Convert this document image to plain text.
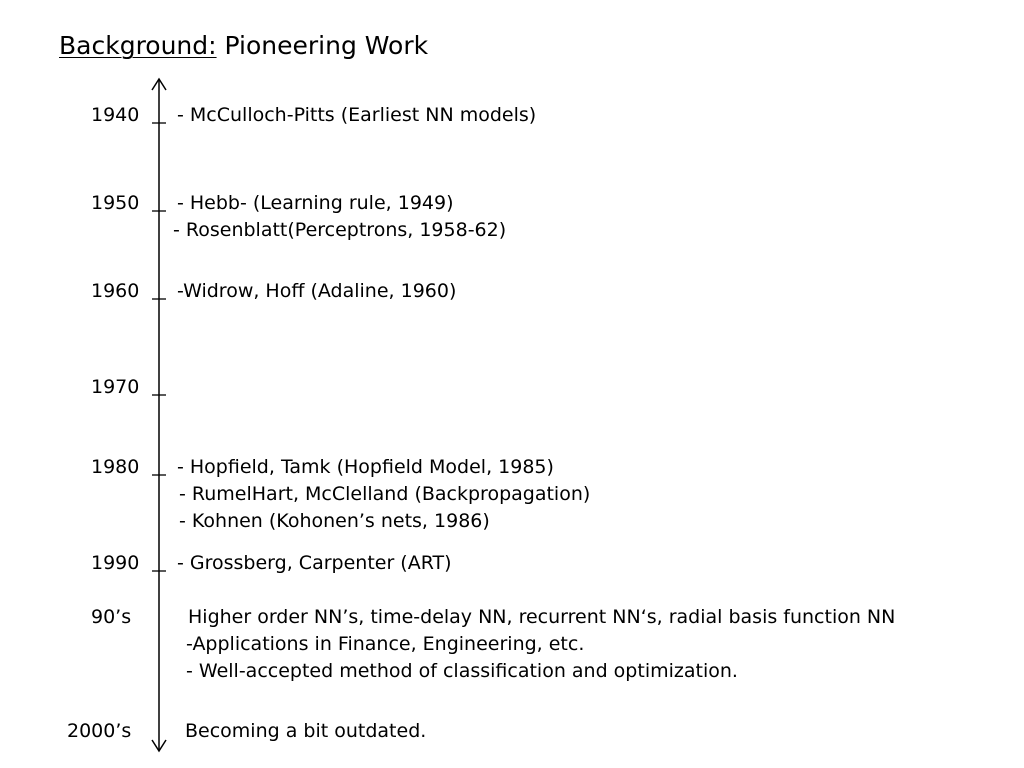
Background: Pioneering Work
1940 - McCulloch-Pitts (Earliest NN models)
1950 - Hebb- (Learning rule, 1949)
- Rosenblatt(Perceptrons, 1958-62)
1960 -Widrow, Hoff (Adaline, 1960)
1970
1980 - Hopfield, Tamk (Hopfield Model, 1985)
- RumelHart, McClelland (Backpropagation)
- Kohnen (Kohonen’s nets, 1986)
1990 - Grossberg, Carpenter (ART)
90’s	Higher order NN’s, time-delay NN, recurrent NN‘s, radial basis function NN
-Applications in Finance, Engineering, etc.
- Well-accepted method of classification and optimization.
2000’s	Becoming a bit outdated.
